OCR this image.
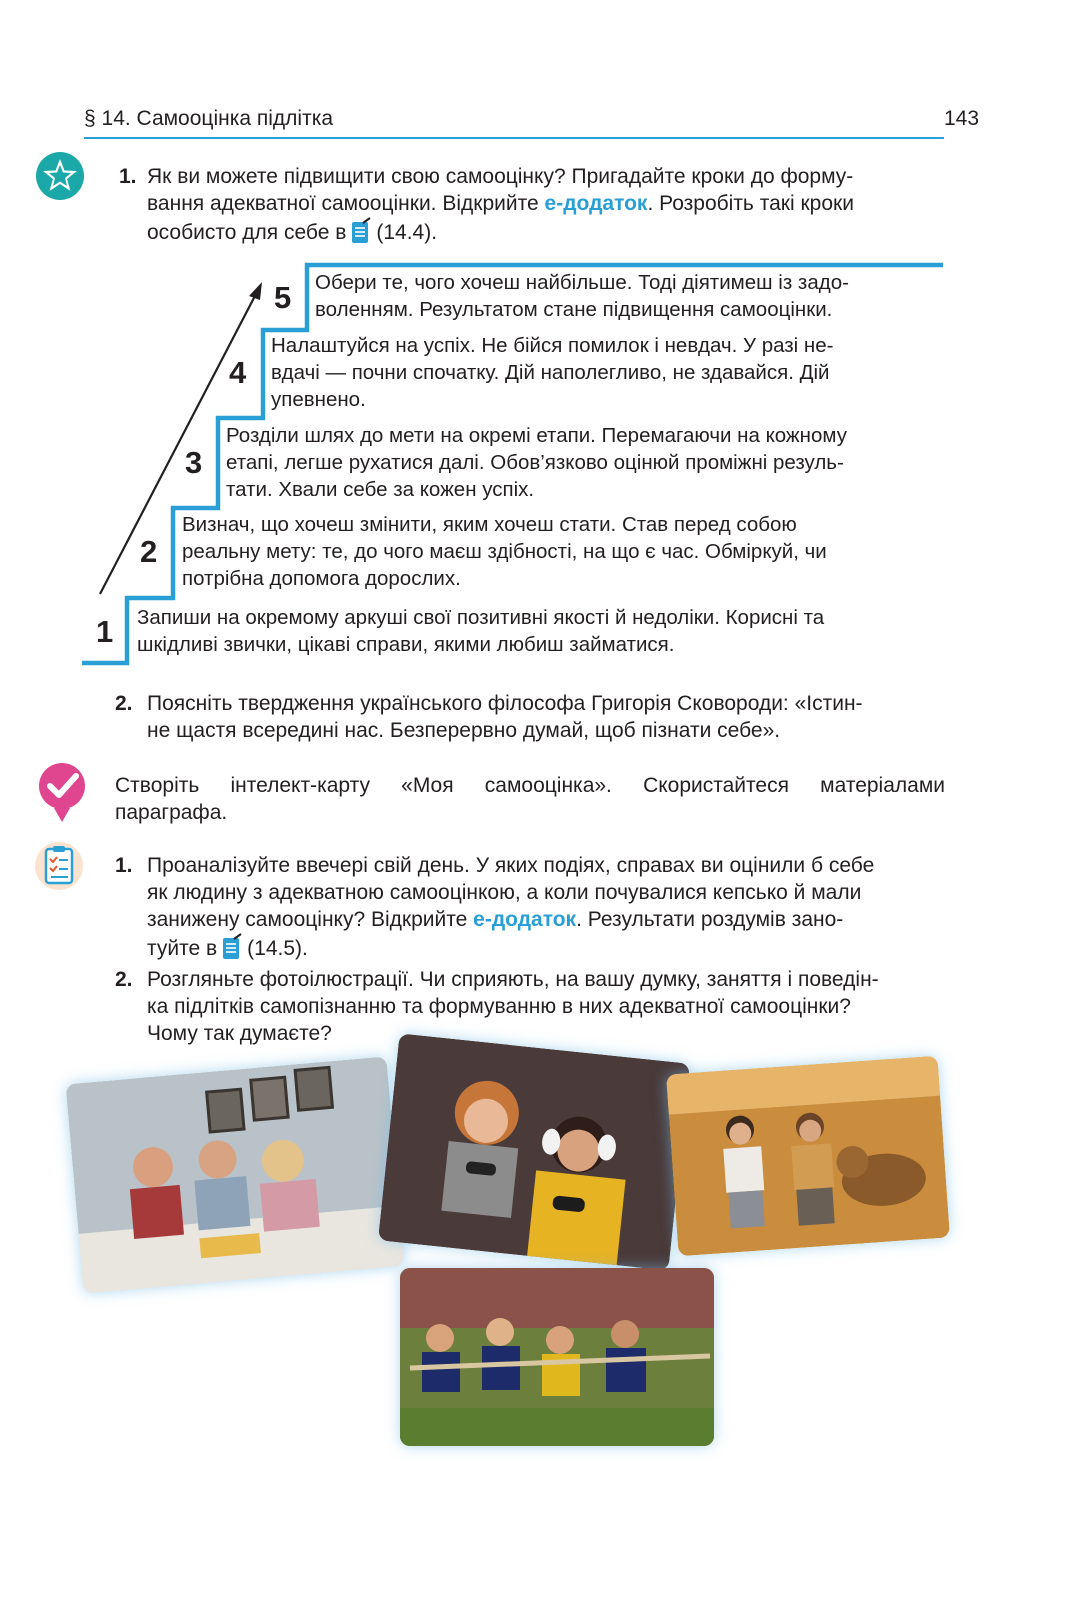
§ 14. Самооцінка підлітка	143
1. Як ви можете підвищити свою самооцінку? Пригадайте кроки до форму-
вання адекватної самооцінки. Відкрийте е-додаток. Розробіть такі кроки
особисто для себе в (14.4).
1 Запиши на окремому аркуші свої позитивні якості й недоліки. Корисні та
шкідливі звички, цікаві справи, якими любиш займатися.
2
Визнач, що хочеш змінити, яким хочеш стати. Став перед собою
реальну мету: те, до чого маєш здібності, на що є час. Обміркуй, чи
потрібна допомога дорослих.
3
Розділи шлях до мети на окремі етапи. Перемагаючи на кожному
етапі, легше рухатися далі. Обов’язково оцінюй проміжні резуль-
тати. Хвали себе за кожен успіх.
4
Налаштуйся на успіх. Не бійся помилок і невдач. У разі не-
вдачі — почни спочатку. Дій наполегливо, не здавайся. Дій
упевнено.
5 Обери те, чого хочеш найбільше. Тоді діятимеш із задо-
воленням. Результатом стане підвищення самооцінки.
2. Поясніть твердження українського філософа Григорія Сковороди: «Істин-
не щастя всередині нас. Безперервно думай, щоб пізнати себе».
Створіть інтелект-карту «Моя самооцінка». Скористайтеся матеріалами
параграфа.
1. Проаналізуйте ввечері свій день. У яких подіях, справах ви оцінили б себе
як людину з адекватною самооцінкою, а коли почувалися кепсько й мали
занижену самооцінку? Відкрийте е-додаток. Результати роздумів зано-
туйте в (14.5).
2. Розгляньте фотоілюстрації. Чи сприяють, на вашу думку, заняття і поведін-
ка підлітків самопізнанню та формуванню в них адекватної самооцінки?
Чому так думаєте?
